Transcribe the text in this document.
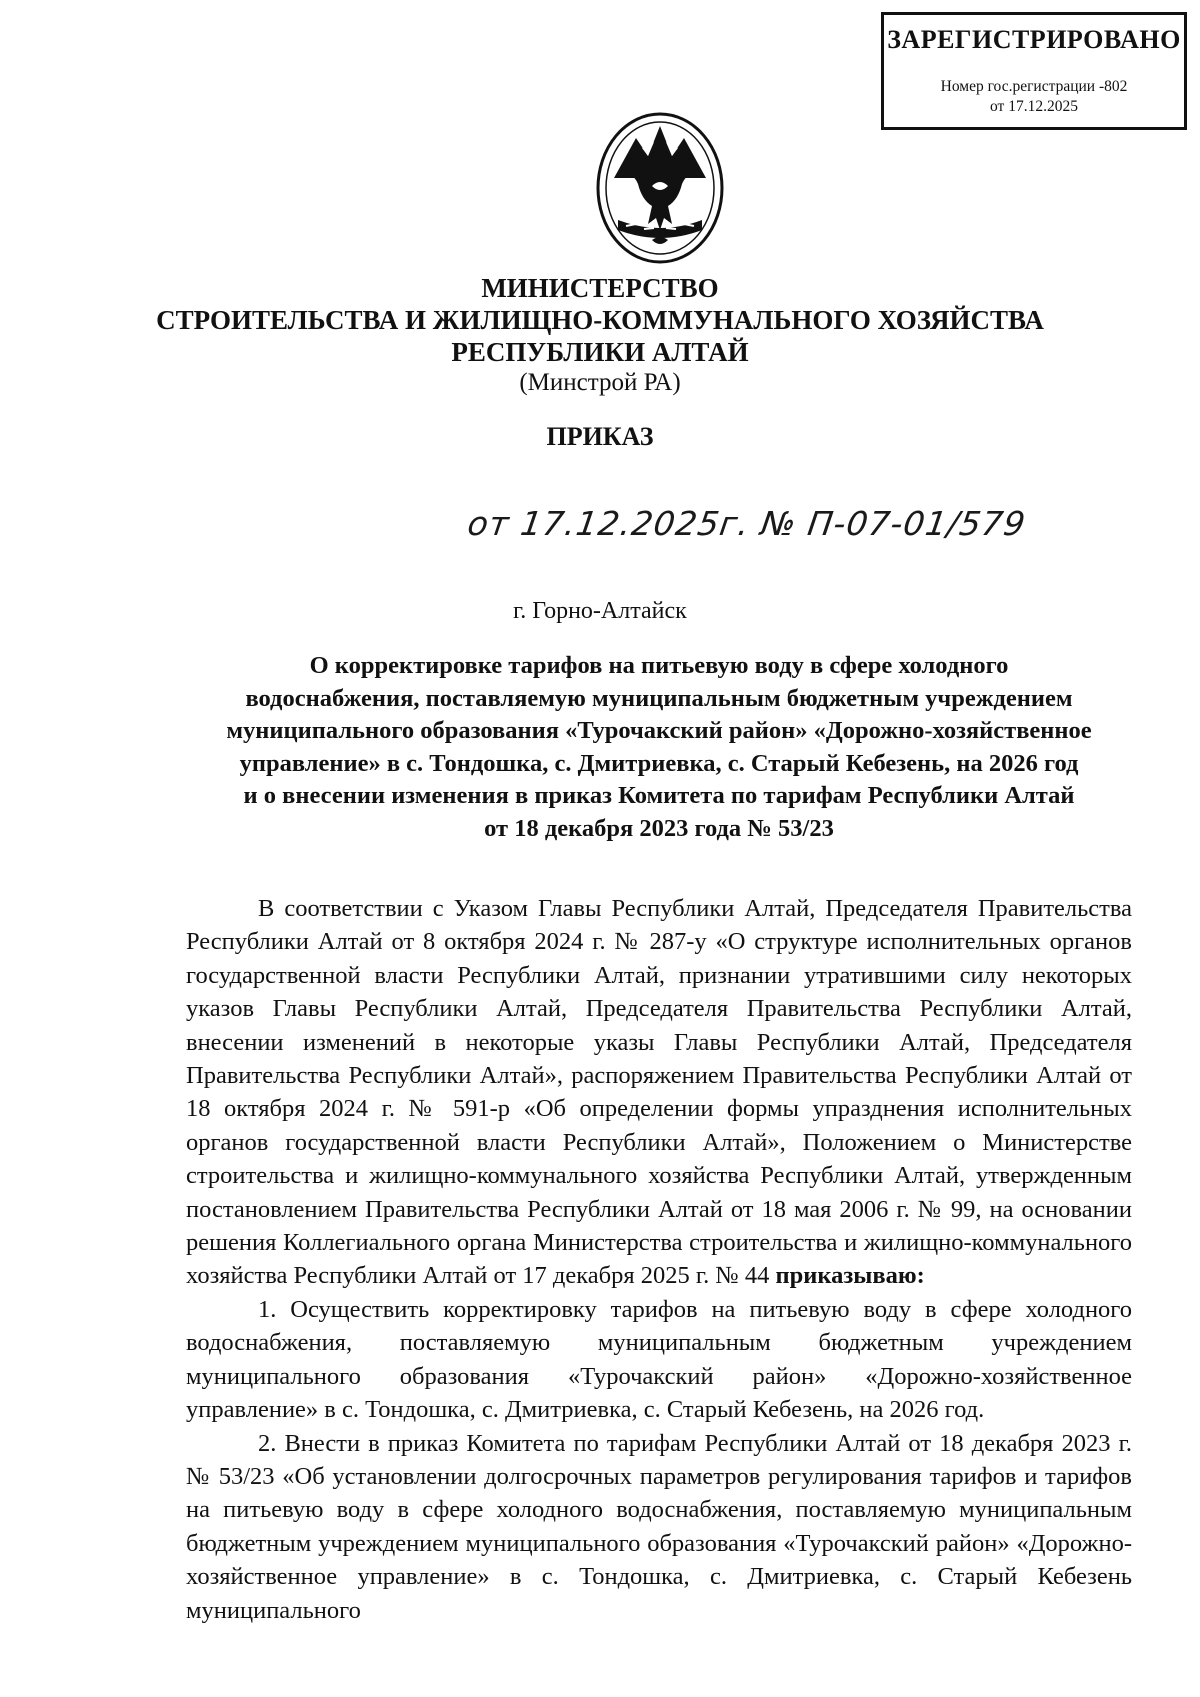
ЗАРЕГИСТРИРОВАНО
Номер гос.регистрации -802
от 17.12.2025
МИНИСТЕРСТВО
СТРОИТЕЛЬСТВА И ЖИЛИЩНО-КОММУНАЛЬНОГО ХОЗЯЙСТВА
РЕСПУБЛИКИ АЛТАЙ
(Минстрой РА)
ПРИКАЗ
от 17.12.2025г. № П-07-01/579
г. Горно-Алтайск
О корректировке тарифов на питьевую воду в сфере холодного
водоснабжения, поставляемую муниципальным бюджетным учреждением
муниципального образования «Турочакский район» «Дорожно-хозяйственное
управление» в с. Тондошка, с. Дмитриевка, с. Старый Кебезень, на 2026 год
и о внесении изменения в приказ Комитета по тарифам Республики Алтай
от 18 декабря 2023 года № 53/23

В соответствии с Указом Главы Республики Алтай, Председателя Правительства Республики Алтай от 8 октября 2024 г. № 287-у «О структуре исполнительных органов государственной власти Республики Алтай, признании утратившими силу некоторых указов Главы Республики Алтай, Председателя Правительства Республики Алтай, внесении изменений в некоторые указы Главы Республики Алтай, Председателя Правительства Республики Алтай», распоряжением Правительства Республики Алтай от 18 октября 2024 г. № 591-р «Об определении формы упразднения исполнительных органов государственной власти Республики Алтай», Положением о Министерстве строительства и жилищно-коммунального хозяйства Республики Алтай, утвержденным постановлением Правительства Республики Алтай от 18 мая 2006 г. № 99, на основании решения Коллегиального органа Министерства строительства и жилищно-коммунального хозяйства Республики Алтай от 17 декабря 2025 г. № 44 приказываю:

1. Осуществить корректировку тарифов на питьевую воду в сфере холодного водоснабжения, поставляемую муниципальным бюджетным учреждением муниципального образования «Турочакский район» «Дорожно-хозяйственное управление» в с. Тондошка, с. Дмитриевка, с. Старый Кебезень, на 2026 год.

2. Внести в приказ Комитета по тарифам Республики Алтай от 18 декабря 2023 г. № 53/23 «Об установлении долгосрочных параметров регулирования тарифов и тарифов на питьевую воду в сфере холодного водоснабжения, поставляемую муниципальным бюджетным учреждением муниципального образования «Турочакский район» «Дорожно-хозяйственное управление» в с. Тондошка, с. Дмитриевка, с. Старый Кебезень муниципального
